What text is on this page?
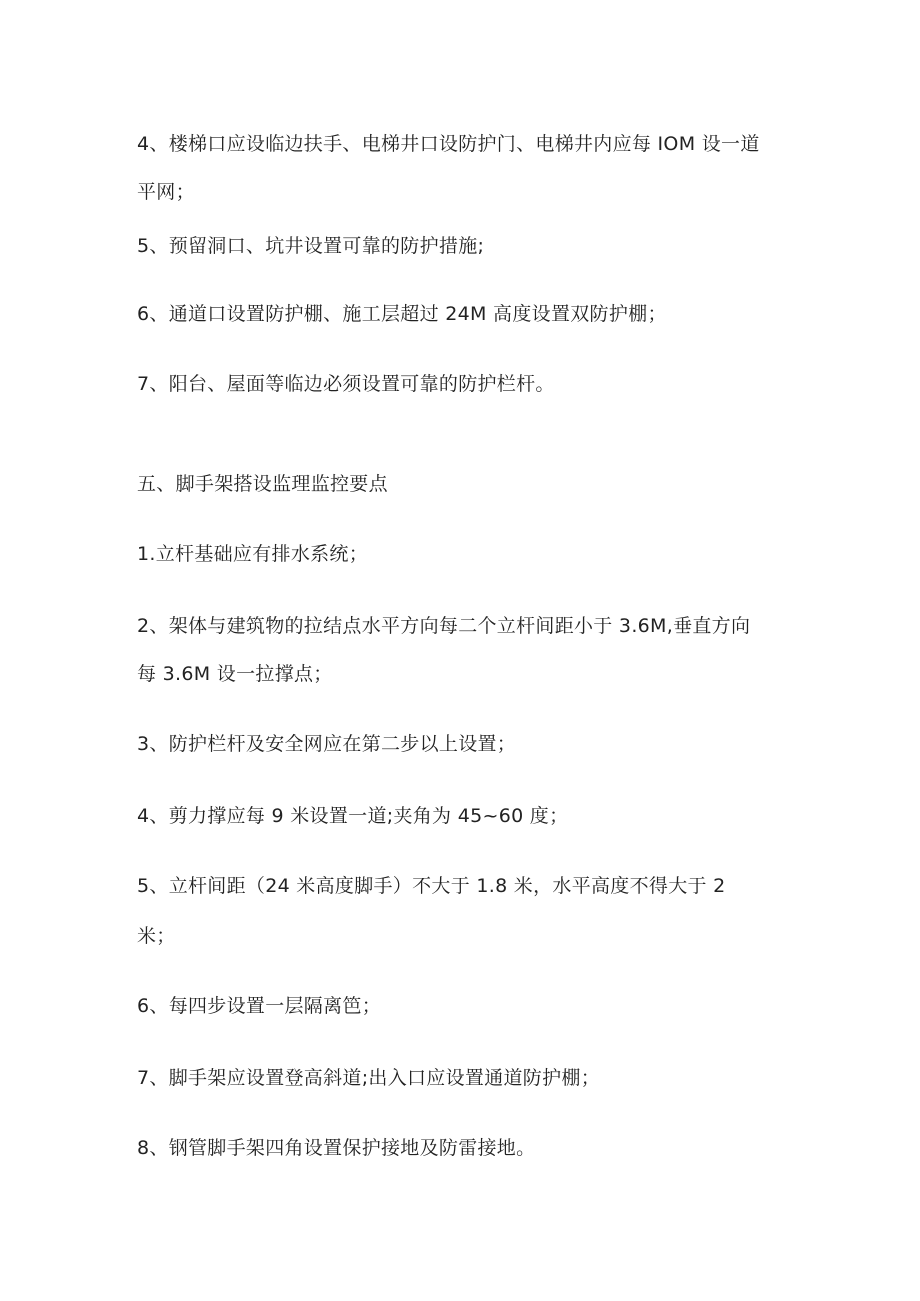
4、楼梯口应设临边扶手、电梯井口设防护门、电梯井内应每 IOM 设一道

平网；

5、预留洞口、坑井设置可靠的防护措施;

6、通道口设置防护棚、施工层超过 24M 高度设置双防护棚；

7、阳台、屋面等临边必须设置可靠的防护栏杆。

五、脚手架搭设监理监控要点

1.立杆基础应有排水系统；

2、架体与建筑物的拉结点水平方向每二个立杆间距小于 3.6M,垂直方向

每 3.6M 设一拉撑点；

3、防护栏杆及安全网应在第二步以上设置；

4、剪力撑应每 9 米设置一道;夹角为 45~60 度；

5、立杆间距（24 米高度脚手）不大于 1.8 米，水平高度不得大于 2

米；

6、每四步设置一层隔离笆；

7、脚手架应设置登高斜道;出入口应设置通道防护棚；

8、钢管脚手架四角设置保护接地及防雷接地。
